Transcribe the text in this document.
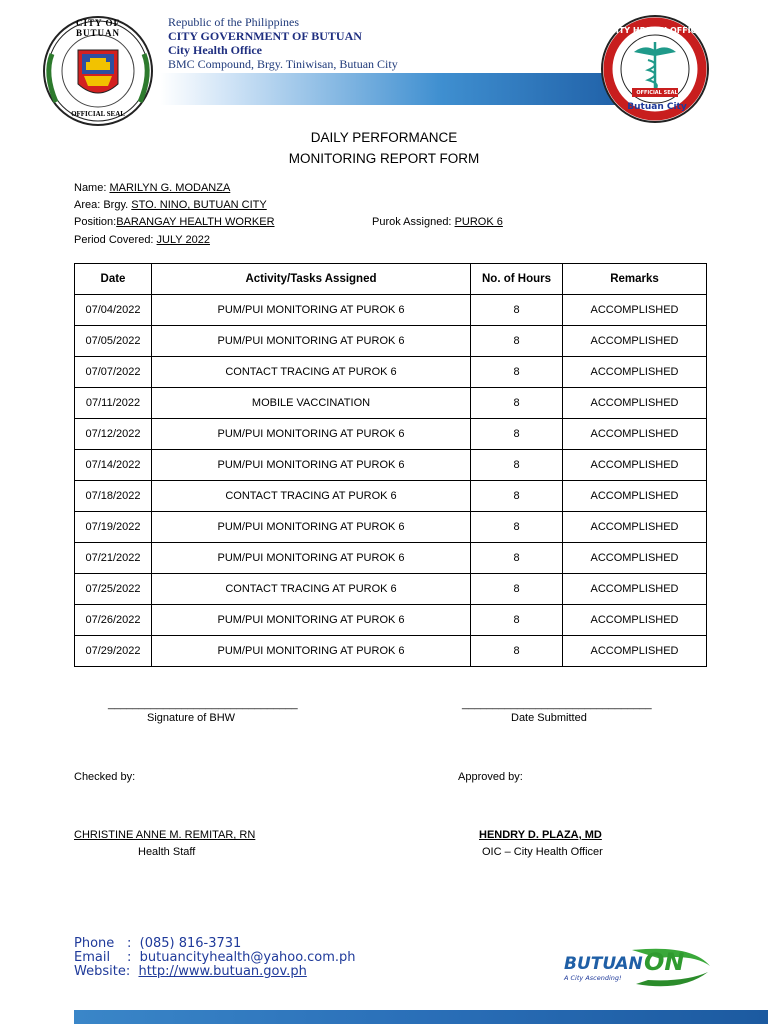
CITY OF BUTUAN
OFFICIAL SEAL
Republic of the Philippines
CITY GOVERNMENT OF BUTUAN
City Health Office
BMC Compound, Brgy. Tiniwisan, Butuan City
CITY HEALTH OFFICE
OFFICIAL SEAL
Butuan City
DAILY PERFORMANCE
MONITORING REPORT FORM
Name: MARILYN G. MODANZA
Area: Brgy. STO. NINO, BUTUAN CITY
Position:BARANGAY HEALTH WORKER	Purok Assigned: PUROK 6
Period Covered: JULY 2022
Date	Activity/Tasks Assigned	No. of Hours	Remarks
07/04/2022	PUM/PUI MONITORING AT PUROK 6	8	ACCOMPLISHED
07/05/2022	PUM/PUI MONITORING AT PUROK 6	8	ACCOMPLISHED
07/07/2022	CONTACT TRACING AT PUROK 6	8	ACCOMPLISHED
07/11/2022	MOBILE VACCINATION	8	ACCOMPLISHED
07/12/2022	PUM/PUI MONITORING AT PUROK 6	8	ACCOMPLISHED
07/14/2022	PUM/PUI MONITORING AT PUROK 6	8	ACCOMPLISHED
07/18/2022	CONTACT TRACING AT PUROK 6	8	ACCOMPLISHED
07/19/2022	PUM/PUI MONITORING AT PUROK 6	8	ACCOMPLISHED
07/21/2022	PUM/PUI MONITORING AT PUROK 6	8	ACCOMPLISHED
07/25/2022	CONTACT TRACING AT PUROK 6	8	ACCOMPLISHED
07/26/2022	PUM/PUI MONITORING AT PUROK 6	8	ACCOMPLISHED
07/29/2022	PUM/PUI MONITORING AT PUROK 6	8	ACCOMPLISHED
_______________________________
Signature of BHW
_______________________________
Date Submitted
Checked by:	Approved by:
CHRISTINE ANNE M. REMITAR, RN
Health Staff
HENDRY D. PLAZA, MD
OIC – City Health Officer
Phone :  (085) 816-3731
Email :  butuancityhealth@yahoo.com.ph
Website: http://www.butuan.gov.ph	BUTUAN ON
A City Ascending!
